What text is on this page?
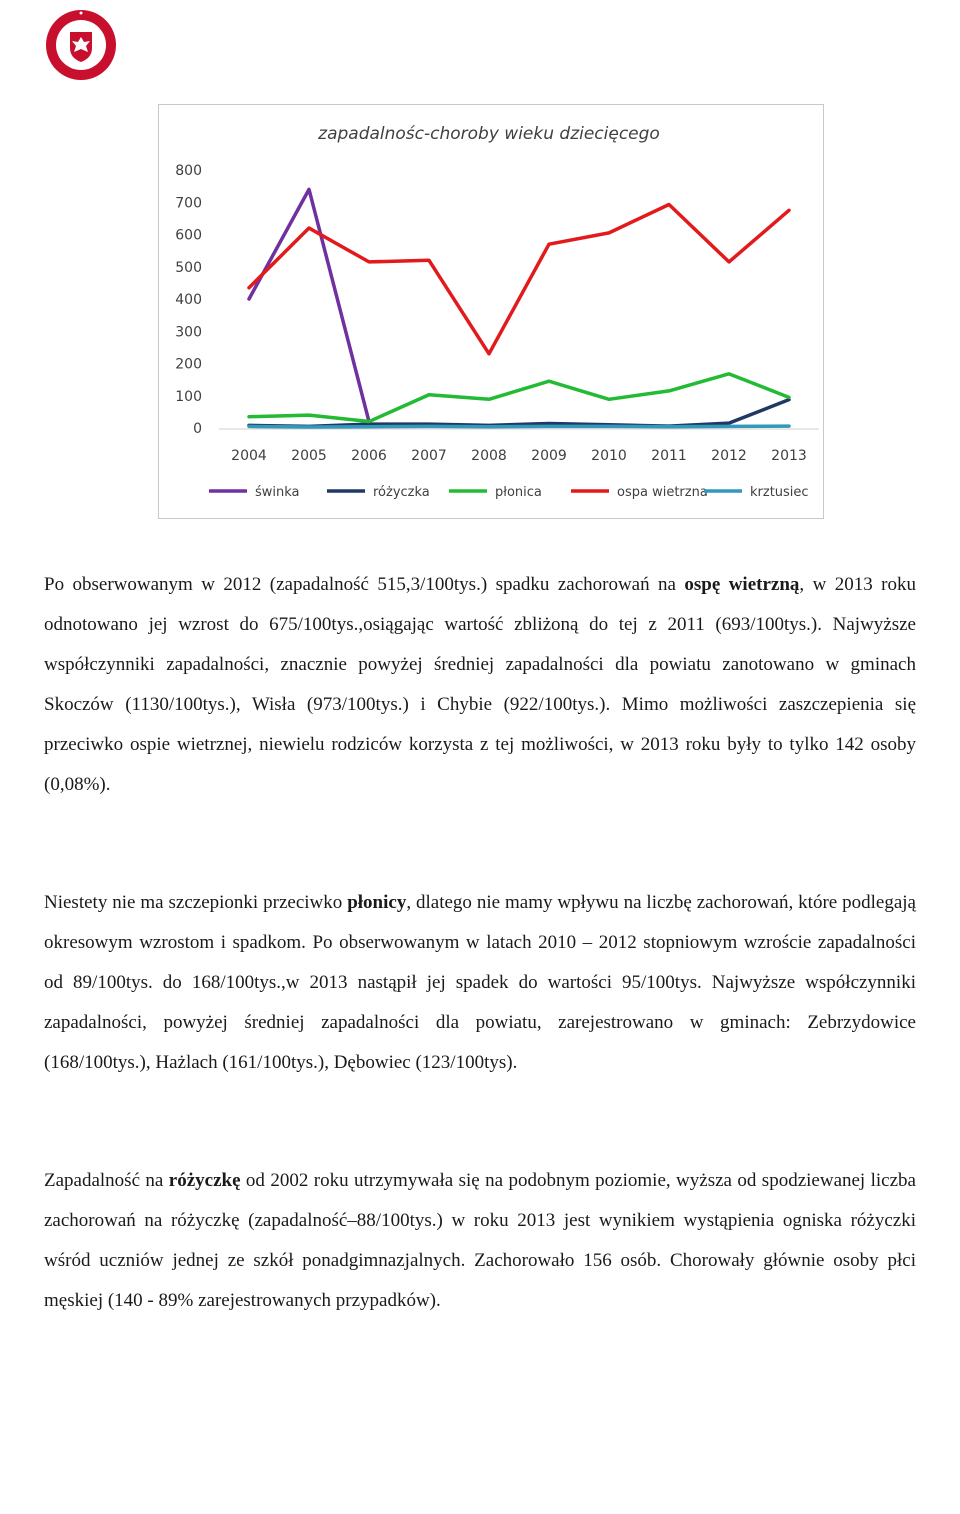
zapadalnośc-choroby wieku dziecięcego
0
100
200
300
400
500
600
700
800
2004 2005 2006 2007 2008 2009 2010 2011 2012 2013
świnka	różyczka	płonica	ospa wietrzna	krztusiec

Po obserwowanym w 2012 (zapadalność 515,3/100tys.) spadku zachorowań na ospę wietrzną, w 2013 roku odnotowano jej wzrost do 675/100tys.,osiągając wartość zbliżoną do tej z 2011 (693/100tys.). Najwyższe współczynniki zapadalności, znacznie powyżej średniej zapadalności dla powiatu zanotowano w gminach Skoczów (1130/100tys.), Wisła (973/100tys.) i Chybie (922/100tys.). Mimo możliwości zaszczepienia się przeciwko ospie wietrznej, niewielu rodziców korzysta z tej możliwości, w 2013 roku były to tylko 142 osoby (0,08%).

Niestety nie ma szczepionki przeciwko płonicy, dlatego nie mamy wpływu na liczbę zachorowań, które podlegają okresowym wzrostom i spadkom. Po obserwowanym w latach 2010 – 2012 stopniowym wzroście zapadalności od 89/100tys. do 168/100tys.,w 2013 nastąpił jej spadek do wartości 95/100tys. Najwyższe współczynniki zapadalności, powyżej średniej zapadalności dla powiatu, zarejestrowano w gminach: Zebrzydowice (168/100tys.), Hażlach (161/100tys.), Dębowiec (123/100tys).

Zapadalność na różyczkę od 2002 roku utrzymywała się na podobnym poziomie, wyższa od spodziewanej liczba zachorowań na różyczkę (zapadalność–88/100tys.) w roku 2013 jest wynikiem wystąpienia ogniska różyczki wśród uczniów jednej ze szkół ponadgimnazjalnych. Zachorowało 156 osób. Chorowały głównie osoby płci męskiej (140 - 89% zarejestrowanych przypadków).
